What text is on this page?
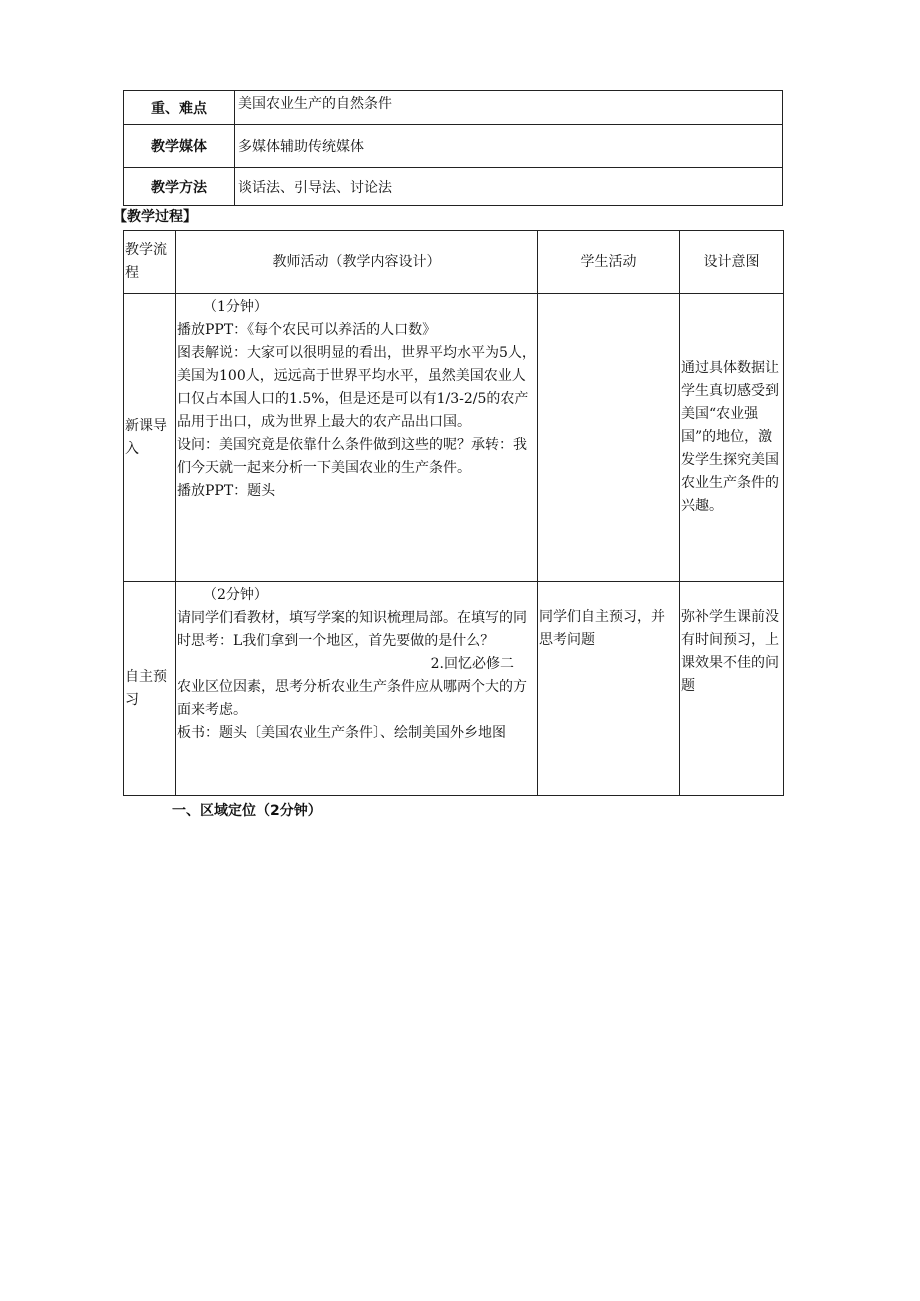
重、难点	美国农业生产的自然条件
教学媒体	多媒体辅助传统媒体
教学方法	谈话法、引导法、讨论法
【教学过程】
教学流程	教师活动（教学内容设计）	学生活动	设计意图
新课导入	（1分钟）
播放PPT：《每个农民可以养活的人口数》
图表解说：大家可以很明显的看出，世界平均水平为5人，美国为100人，远远高于世界平均水平，虽然美国农业人口仅占本国人口的1.5%，但是还是可以有1/3-2/5的农产品用于出口，成为世界上最大的农产品出口国。
设问：美国究竟是依靠什么条件做到这些的呢？承转：我们今天就一起来分析一下美国农业的生产条件。
播放PPT：题头		通过具体数据让学生真切感受到美国“农业强国”的地位，激发学生探究美国农业生产条件的兴趣。
自主预习	（2分钟）
请同学们看教材，填写学案的知识梳理局部。在填写的同时思考：L我们拿到一个地区，首先要做的是什么？
2.回忆必修二
农业区位因素，思考分析农业生产条件应从哪两个大的方面来考虑。
板书：题头〔美国农业生产条件〕、绘制美国外乡地图	同学们自主预习，并思考问题	弥补学生课前没有时间预习，上课效果不佳的问题
一、区域定位（2分钟）
